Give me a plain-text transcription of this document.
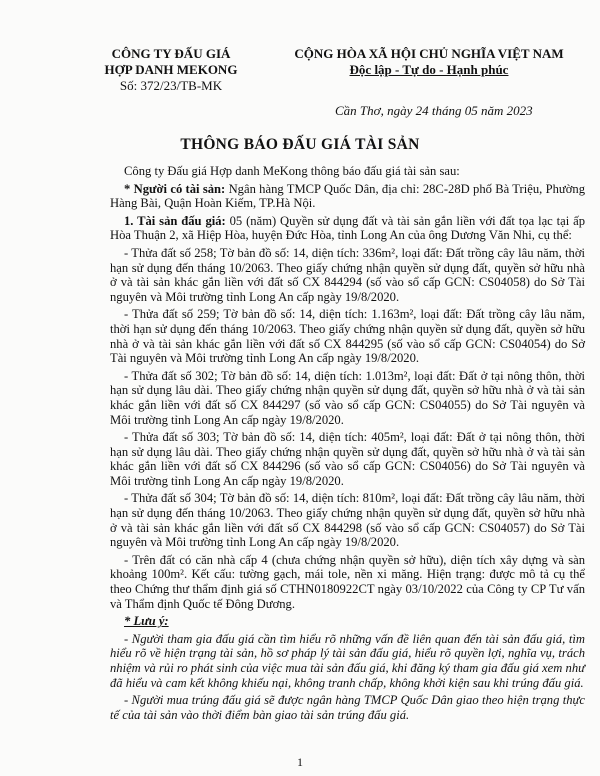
CÔNG TY ĐẤU GIÁ
HỢP DANH MEKONG
Số: 372/23/TB-MK
CỘNG HÒA XÃ HỘI CHỦ NGHĨA VIỆT NAM
Độc lập - Tự do - Hạnh phúc
Cần Thơ, ngày 24 tháng 05 năm 2023
THÔNG BÁO ĐẤU GIÁ TÀI SẢN

Công ty Đấu giá Hợp danh MeKong thông báo đấu giá tài sản sau:

* Người có tài sản: Ngân hàng TMCP Quốc Dân, địa chỉ: 28C-28D phố Bà Triệu, Phường Hàng Bài, Quận Hoàn Kiếm, TP.Hà Nội.

1. Tài sản đấu giá: 05 (năm) Quyền sử dụng đất và tài sản gắn liền với đất tọa lạc tại ấp Hòa Thuận 2, xã Hiệp Hòa, huyện Đức Hòa, tỉnh Long An của ông Dương Văn Nhi, cụ thể:

- Thửa đất số 258; Tờ bản đồ số: 14, diện tích: 336m², loại đất: Đất trồng cây lâu năm, thời hạn sử dụng đến tháng 10/2063. Theo giấy chứng nhận quyền sử dụng đất, quyền sở hữu nhà ở và tài sản khác gắn liền với đất số CX 844294 (số vào sổ cấp GCN: CS04058) do Sở Tài nguyên và Môi trường tỉnh Long An cấp ngày 19/8/2020.

- Thửa đất số 259; Tờ bản đồ số: 14, diện tích: 1.163m², loại đất: Đất trồng cây lâu năm, thời hạn sử dụng đến tháng 10/2063. Theo giấy chứng nhận quyền sử dụng đất, quyền sở hữu nhà ở và tài sản khác gắn liền với đất số CX 844295 (số vào sổ cấp GCN: CS04054) do Sở Tài nguyên và Môi trường tỉnh Long An cấp ngày 19/8/2020.

- Thửa đất số 302; Tờ bản đồ số: 14, diện tích: 1.013m², loại đất: Đất ở tại nông thôn, thời hạn sử dụng lâu dài. Theo giấy chứng nhận quyền sử dụng đất, quyền sở hữu nhà ở và tài sản khác gắn liền với đất số CX 844297 (số vào sổ cấp GCN: CS04055) do Sở Tài nguyên và Môi trường tỉnh Long An cấp ngày 19/8/2020.

- Thửa đất số 303; Tờ bản đồ số: 14, diện tích: 405m², loại đất: Đất ở tại nông thôn, thời hạn sử dụng lâu dài. Theo giấy chứng nhận quyền sử dụng đất, quyền sở hữu nhà ở và tài sản khác gắn liền với đất số CX 844296 (số vào sổ cấp GCN: CS04056) do Sở Tài nguyên và Môi trường tỉnh Long An cấp ngày 19/8/2020.

- Thửa đất số 304; Tờ bản đồ số: 14, diện tích: 810m², loại đất: Đất trồng cây lâu năm, thời hạn sử dụng đến tháng 10/2063. Theo giấy chứng nhận quyền sử dụng đất, quyền sở hữu nhà ở và tài sản khác gắn liền với đất số CX 844298 (số vào sổ cấp GCN: CS04057) do Sở Tài nguyên và Môi trường tỉnh Long An cấp ngày 19/8/2020.

- Trên đất có căn nhà cấp 4 (chưa chứng nhận quyền sở hữu), diện tích xây dựng và sàn khoảng 100m². Kết cấu: tường gạch, mái tole, nền xi măng. Hiện trạng: được mô tả cụ thể theo Chứng thư thẩm định giá số CTHN0180922CT ngày 03/10/2022 của Công ty CP Tư vấn và Thẩm định Quốc tế Đông Dương.

* Lưu ý:

- Người tham gia đấu giá cần tìm hiểu rõ những vấn đề liên quan đến tài sản đấu giá, tìm hiểu rõ về hiện trạng tài sản, hồ sơ pháp lý tài sản đấu giá, hiểu rõ quyền lợi, nghĩa vụ, trách nhiệm và rủi ro phát sinh của việc mua tài sản đấu giá, khi đăng ký tham gia đấu giá xem như đã hiểu và cam kết không khiếu nại, không tranh chấp, không khởi kiện sau khi trúng đấu giá.

- Người mua trúng đấu giá sẽ được ngân hàng TMCP Quốc Dân giao theo hiện trạng thực tế của tài sản vào thời điểm bàn giao tài sản trúng đấu giá.

1
